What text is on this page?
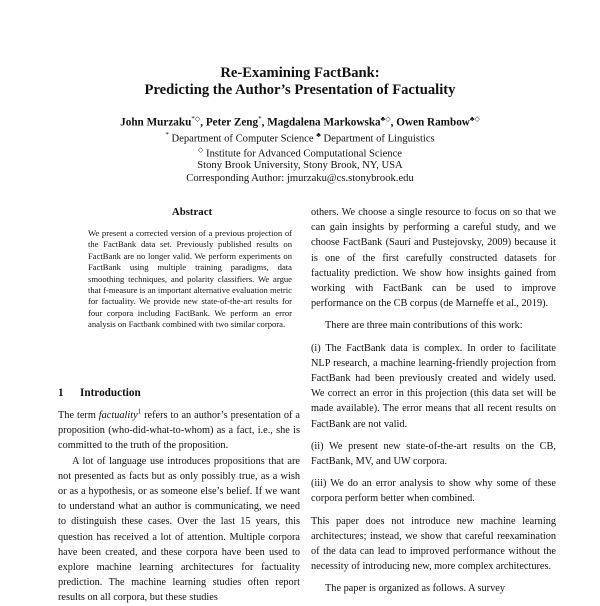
Re-Examining FactBank:
Predicting the Author’s Presentation of Factuality
John Murzaku*◇, Peter Zeng*, Magdalena Markowska♣◇, Owen Rambow♣◇
* Department of Computer Science ♣ Department of Linguistics
◇ Institute for Advanced Computational Science
Stony Brook University, Stony Brook, NY, USA
Corresponding Author: jmurzaku@cs.stonybrook.edu
Abstract
We present a corrected version of a previous projection of the FactBank data set. Previously published results on FactBank are no longer valid. We perform experiments on FactBank using multiple training paradigms, data smoothing techniques, and polarity classifiers. We argue that f-measure is an important alternative evaluation metric for factuality. We provide new state-of-the-art results for four corpora including FactBank. We perform an error analysis on Factbank combined with two similar corpora.
1 Introduction

The term factuality$^1$ refers to an author’s presentation of a proposition (who-did-what-to-whom) as a fact, i.e., she is committed to the truth of the proposition.

A lot of language use introduces propositions that are not presented as facts but as only possibly true, as a wish or as a hypothesis, or as someone else’s belief. If we want to understand what an author is communicating, we need to distinguish these cases. Over the last 15 years, this question has received a lot of attention. Multiple corpora have been created, and these corpora have been used to explore machine learning architectures for factuality prediction. The machine learning studies often report results on all corpora, but these studies

others. We choose a single resource to focus on so that we can gain insights by performing a careful study, and we choose FactBank (Saurí and Pustejovsky, 2009) because it is one of the first carefully constructed datasets for factuality prediction. We show how insights gained from working with FactBank can be used to improve performance on the CB corpus (de Marneffe et al., 2019).

There are three main contributions of this work:

(i) The FactBank data is complex. In order to facilitate NLP research, a machine learning-friendly projection from FactBank had been previously created and widely used. We correct an error in this projection (this data set will be made available). The error means that all recent results on FactBank are not valid.

(ii) We present new state-of-the-art results on the CB, FactBank, MV, and UW corpora.

(iii) We do an error analysis to show why some of these corpora perform better when combined.

This paper does not introduce new machine learning architectures; instead, we show that careful reexamination of the data can lead to improved performance without the necessity of introducing new, more complex architectures.

The paper is organized as follows. A survey
